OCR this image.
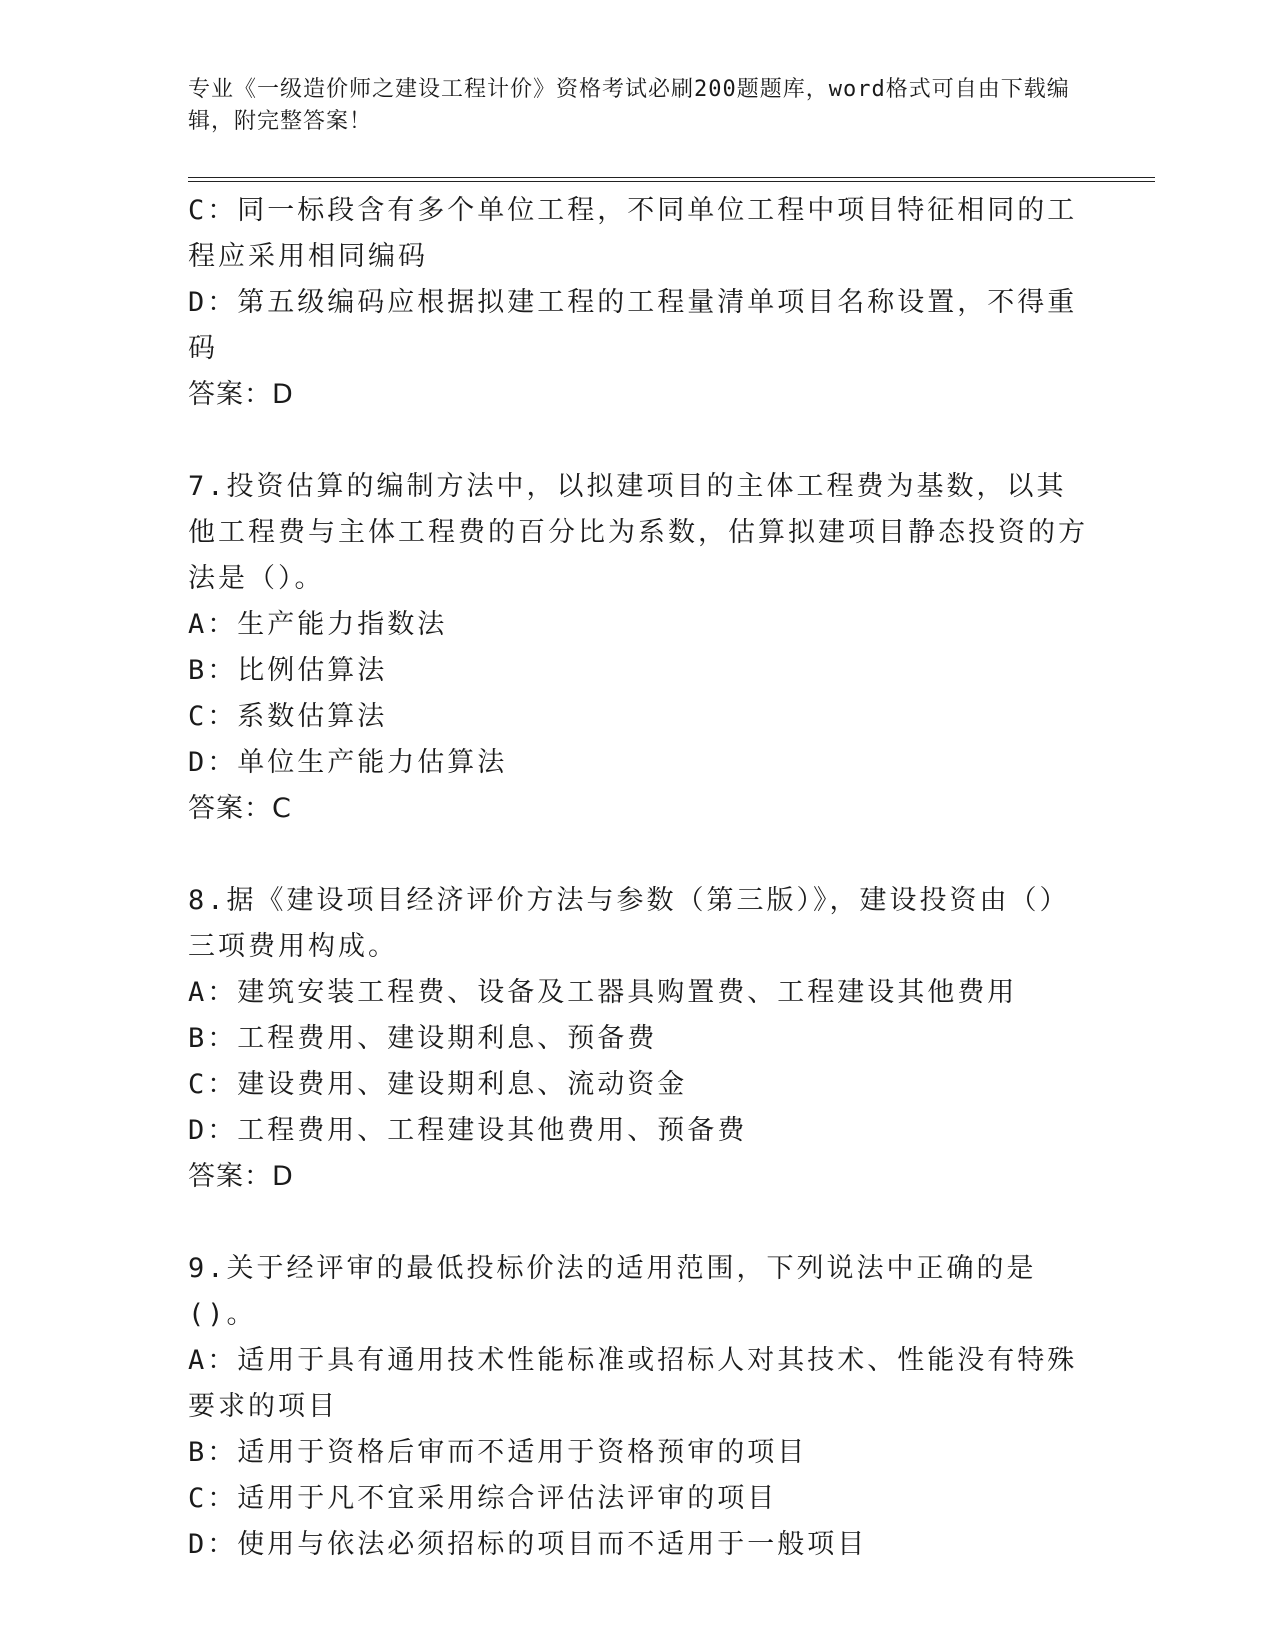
专业《一级造价师之建设工程计价》资格考试必刷200题题库，word格式可自由下载编辑，附完整答案！

C：同一标段含有多个单位工程，不同单位工程中项目特征相同的工程应采用相同编码

D：第五级编码应根据拟建工程的工程量清单项目名称设置，不得重码

答案：D

7.投资估算的编制方法中，以拟建项目的主体工程费为基数，以其他工程费与主体工程费的百分比为系数，估算拟建项目静态投资的方法是（）。

A：生产能力指数法

B：比例估算法

C：系数估算法

D：单位生产能力估算法

答案：C

8.据《建设项目经济评价方法与参数（第三版）》，建设投资由（）三项费用构成。

A：建筑安装工程费、设备及工器具购置费、工程建设其他费用

B：工程费用、建设期利息、预备费

C：建设费用、建设期利息、流动资金

D：工程费用、工程建设其他费用、预备费

答案：D

9.关于经评审的最低投标价法的适用范围，下列说法中正确的是()。

A：适用于具有通用技术性能标准或招标人对其技术、性能没有特殊要求的项目

B：适用于资格后审而不适用于资格预审的项目

C：适用于凡不宜采用综合评估法评审的项目

D：使用与依法必须招标的项目而不适用于一般项目
